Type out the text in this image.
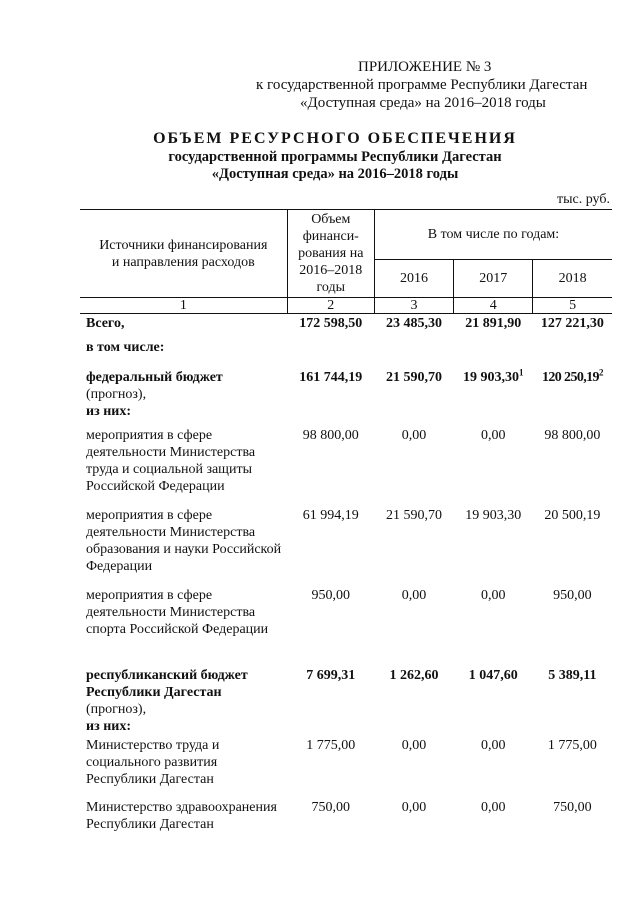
ПРИЛОЖЕНИЕ № 3
к государственной программе Республики Дагестан
«Доступная среда» на 2016–2018 годы
ОБЪЕМ РЕСУРСНОГО ОБЕСПЕЧЕНИЯ
государственной программы Республики Дагестан
«Доступная среда» на 2016–2018 годы
тыс. руб.
Источники финансирования и направления расходов	Объем финанси-рования на 2016–2018 годы	В том числе по годам:		
		2016	2017	2018
1	2	3	4	5
Всего,	172 598,50	23 485,30	21 891,90	127 221,30
в том числе:				
федеральный бюджет
(прогноз),
из них:	161 744,19	21 590,70	19 903,30$^1$	120 250,19$^2$
мероприятия в сфере деятельности Министерства труда и социальной защиты Российской Федерации	98 800,00	0,00	0,00	98 800,00
мероприятия в сфере деятельности Министерства образования и науки Российской Федерации	61 994,19	21 590,70	19 903,30	20 500,19
мероприятия в сфере деятельности Министерства спорта Российской Федерации	950,00	0,00	0,00	950,00
республиканский бюджет Республики Дагестан
(прогноз),
из них:	7 699,31	1 262,60	1 047,60	5 389,11
Министерство труда и социального развития Республики Дагестан	1 775,00	0,00	0,00	1 775,00
Министерство здравоохранения Республики Дагестан	750,00	0,00	0,00	750,00
